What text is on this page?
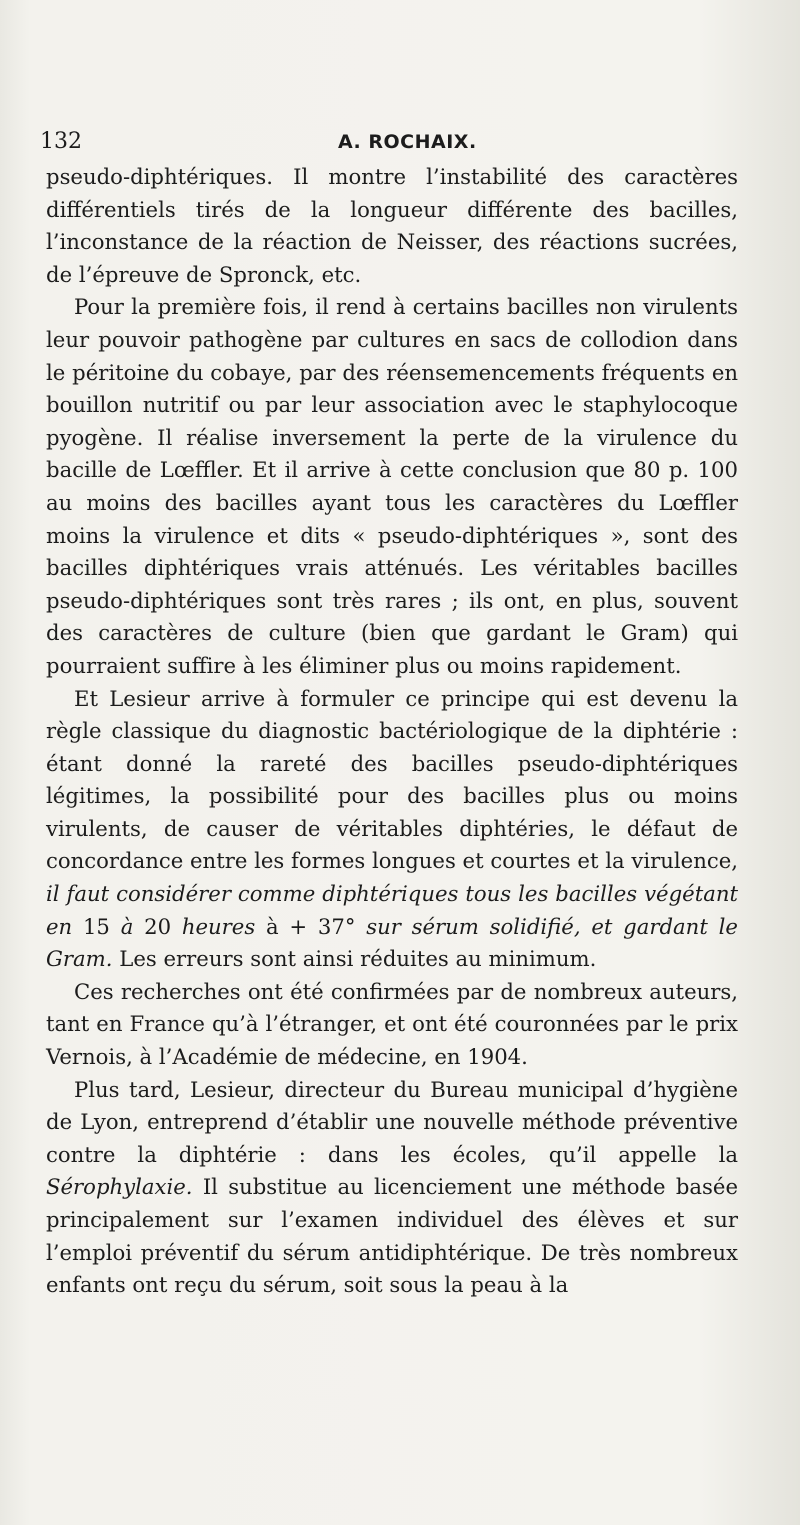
132	A. ROCHAIX.

pseudo-diphtériques. Il montre l’instabilité des caractères différentiels tirés de la longueur différente des bacilles, l’inconstance de la réaction de Neisser, des réactions sucrées, de l’épreuve de Spronck, etc.

Pour la première fois, il rend à certains bacilles non virulents leur pouvoir pathogène par cultures en sacs de collodion dans le péritoine du cobaye, par des réensemencements fréquents en bouillon nutritif ou par leur association avec le staphylocoque pyogène. Il réalise inversement la perte de la virulence du bacille de Lœffler. Et il arrive à cette conclusion que 80 p. 100 au moins des bacilles ayant tous les caractères du Lœffler moins la virulence et dits « pseudo-diphtériques », sont des bacilles diphtériques vrais atténués. Les véritables bacilles pseudo-diphtériques sont très rares ; ils ont, en plus, souvent des caractères de culture (bien que gardant le Gram) qui pourraient suffire à les éliminer plus ou moins rapidement.

Et Lesieur arrive à formuler ce principe qui est devenu la règle classique du diagnostic bactériologique de la diphtérie : étant donné la rareté des bacilles pseudo-diphtériques légitimes, la possibilité pour des bacilles plus ou moins virulents, de causer de véritables diphtéries, le défaut de concordance entre les formes longues et courtes et la virulence, il faut considérer comme diphtériques tous les bacilles végétant en 15 à 20 heures à + 37° sur sérum solidifié, et gardant le Gram. Les erreurs sont ainsi réduites au minimum.

Ces recherches ont été confirmées par de nombreux auteurs, tant en France qu’à l’étranger, et ont été couronnées par le prix Vernois, à l’Académie de médecine, en 1904.

Plus tard, Lesieur, directeur du Bureau municipal d’hygiène de Lyon, entreprend d’établir une nouvelle méthode préventive contre la diphtérie : dans les écoles, qu’il appelle la Sérophylaxie. Il substitue au licenciement une méthode basée principalement sur l’examen individuel des élèves et sur l’emploi préventif du sérum antidiphtérique. De très nombreux enfants ont reçu du sérum, soit sous la peau à la
